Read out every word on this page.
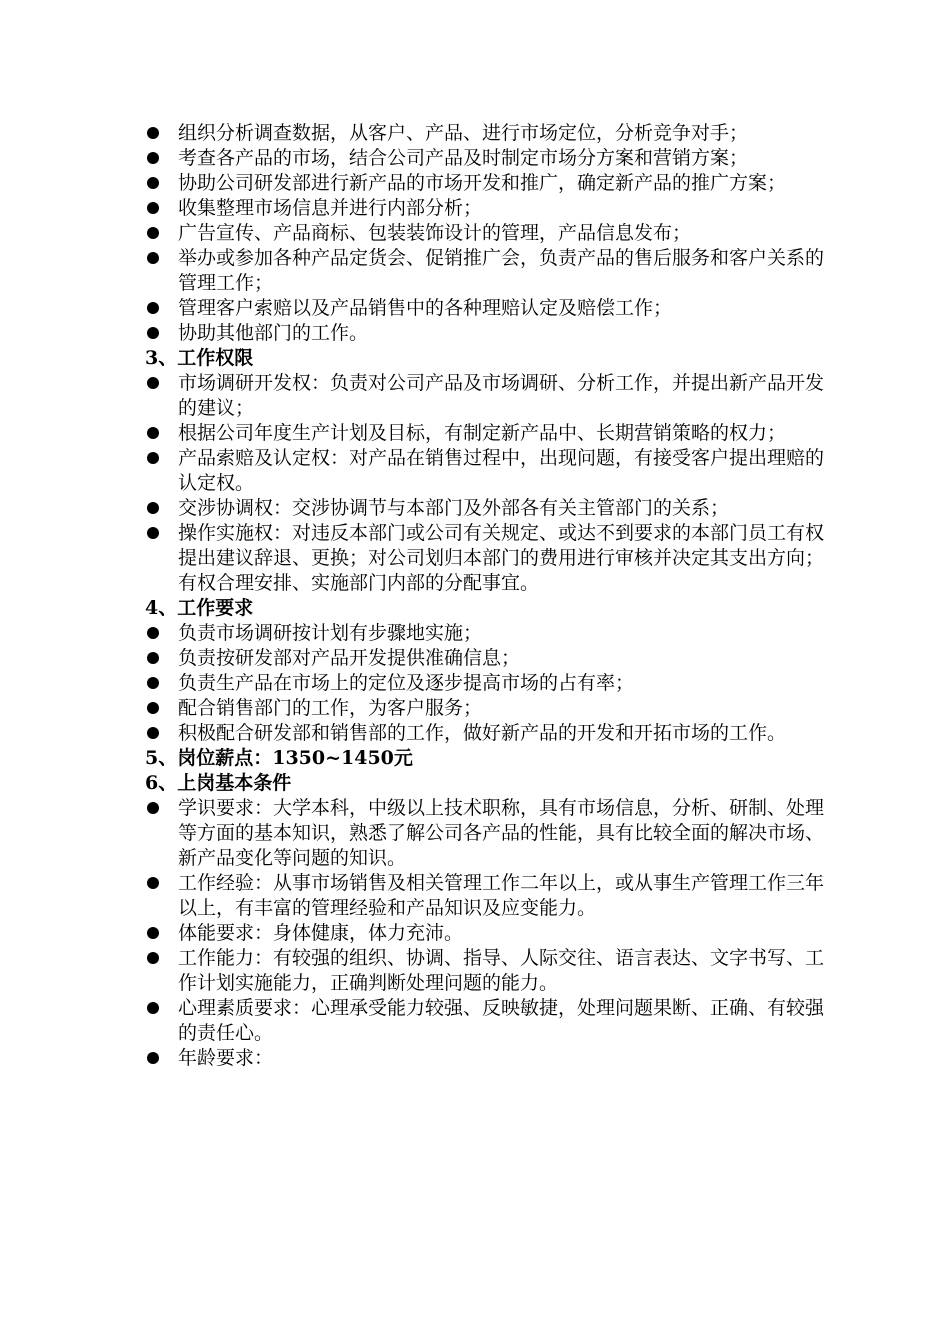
组织分析调查数据，从客户、产品、进行市场定位，分析竞争对手；
考查各产品的市场，结合公司产品及时制定市场分方案和营销方案；
协助公司研发部进行新产品的市场开发和推广，确定新产品的推广方案；
收集整理市场信息并进行内部分析；
广告宣传、产品商标、包装装饰设计的管理，产品信息发布；
举办或参加各种产品定货会、促销推广会，负责产品的售后服务和客户关系的管理工作；
管理客户索赔以及产品销售中的各种理赔认定及赔偿工作；
协助其他部门的工作。
3、工作权限
市场调研开发权：负责对公司产品及市场调研、分析工作，并提出新产品开发的建议；
根据公司年度生产计划及目标，有制定新产品中、长期营销策略的权力；
产品索赔及认定权：对产品在销售过程中，出现问题，有接受客户提出理赔的认定权。
交涉协调权：交涉协调节与本部门及外部各有关主管部门的关系；
操作实施权：对违反本部门或公司有关规定、或达不到要求的本部门员工有权提出建议辞退、更换；对公司划归本部门的费用进行审核并决定其支出方向；有权合理安排、实施部门内部的分配事宜。
4、工作要求
负责市场调研按计划有步骤地实施；
负责按研发部对产品开发提供准确信息；
负责生产品在市场上的定位及逐步提高市场的占有率；
配合销售部门的工作，为客户服务；
积极配合研发部和销售部的工作，做好新产品的开发和开拓市场的工作。
5、岗位薪点：1350~1450元
6、上岗基本条件
学识要求：大学本科，中级以上技术职称，具有市场信息，分析、研制、处理等方面的基本知识，熟悉了解公司各产品的性能，具有比较全面的解决市场、新产品变化等问题的知识。
工作经验：从事市场销售及相关管理工作二年以上，或从事生产管理工作三年以上，有丰富的管理经验和产品知识及应变能力。
体能要求：身体健康，体力充沛。
工作能力：有较强的组织、协调、指导、人际交往、语言表达、文字书写、工作计划实施能力，正确判断处理问题的能力。
心理素质要求：心理承受能力较强、反映敏捷，处理问题果断、正确、有较强的责任心。
年龄要求：
